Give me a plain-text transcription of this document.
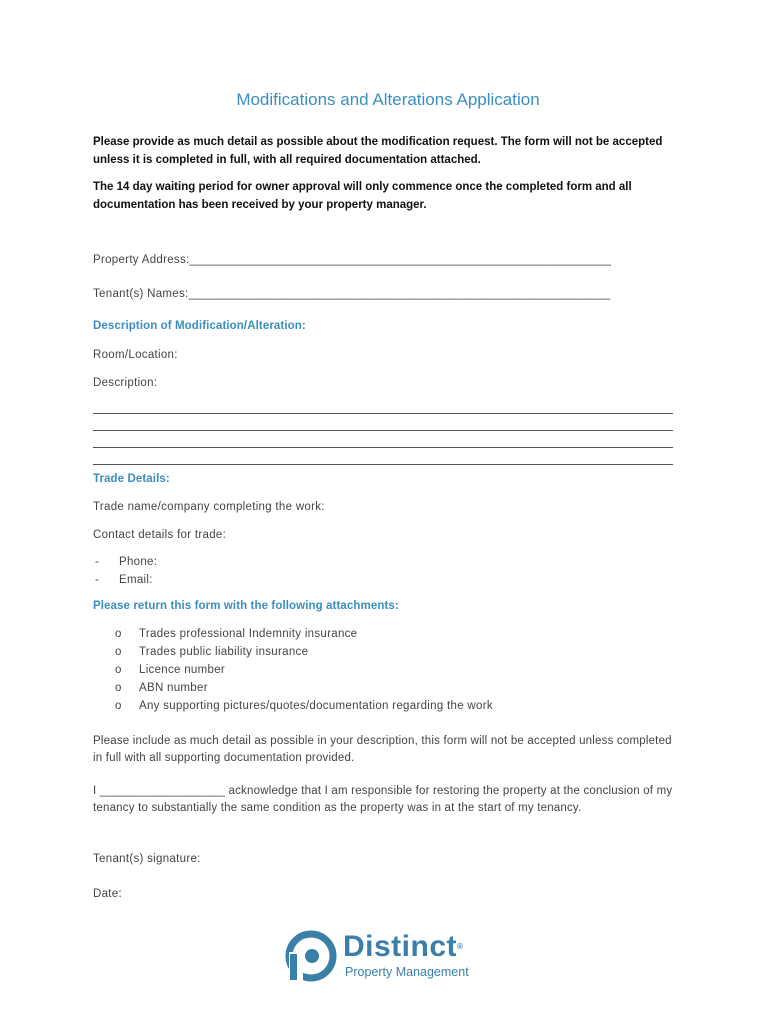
Modifications and Alterations Application

Please provide as much detail as possible about the modification request. The form will not be accepted unless it is completed in full, with all required documentation attached.

The 14 day waiting period for owner approval will only commence once the completed form and all documentation has been received by your property manager.

Property Address:_______________________________________________________________
Tenant(s) Names:_______________________________________________________________
Description of Modification/Alteration:
Room/Location:
Description:
Trade Details:
Trade name/company completing the work:
Contact details for trade:
- Phone:
- Email:
Please return this form with the following attachments:
o Trades professional Indemnity insurance
o Trades public liability insurance
o Licence number
o ABN number
o Any supporting pictures/quotes/documentation regarding the work

Please include as much detail as possible in your description, this form will not be accepted unless completed in full with all supporting documentation provided.

I ___________________ acknowledge that I am responsible for restoring the property at the conclusion of my tenancy to substantially the same condition as the property was in at the start of my tenancy.

Tenant(s) signature:
Date:
Distinct®
Property Management
